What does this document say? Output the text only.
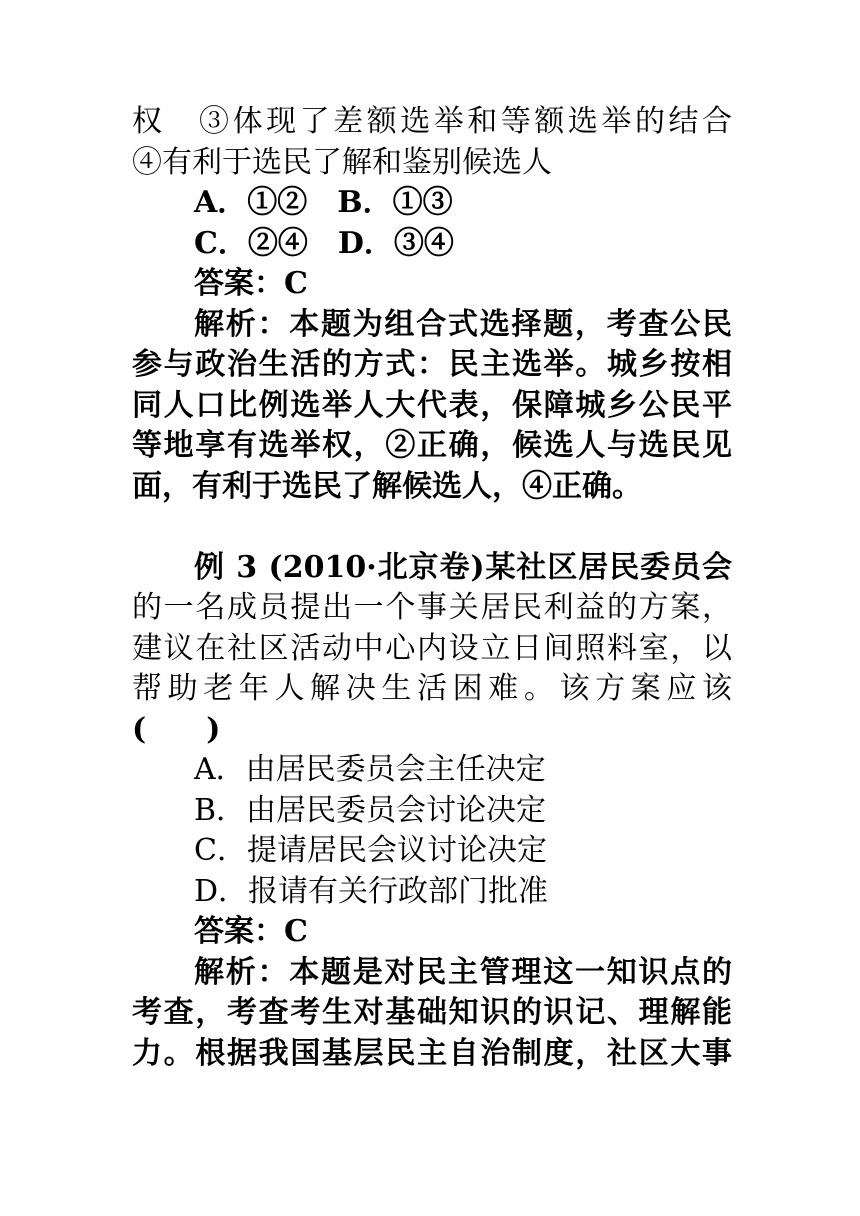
权　③体现了差额选举和等额选举的结合
④有利于选民了解和鉴别候选人
A．①②　B．①③
C．②④　D．③④
答案：C
解析：本题为组合式选择题，考查公民
参与政治生活的方式：民主选举。城乡按相
同人口比例选举人大代表，保障城乡公民平
等地享有选举权，②正确，候选人与选民见
面，有利于选民了解候选人，④正确。
例 3 (2010·北京卷)某社区居民委员会
的一名成员提出一个事关居民利益的方案，
建议在社区活动中心内设立日间照料室，以
帮助老年人解决生活困难。该方案应该
(　　)
A．由居民委员会主任决定
B．由居民委员会讨论决定
C．提请居民会议讨论决定
D．报请有关行政部门批准
答案：C
解析：本题是对民主管理这一知识点的
考查，考查考生对基础知识的识记、理解能
力。根据我国基层民主自治制度，社区大事
